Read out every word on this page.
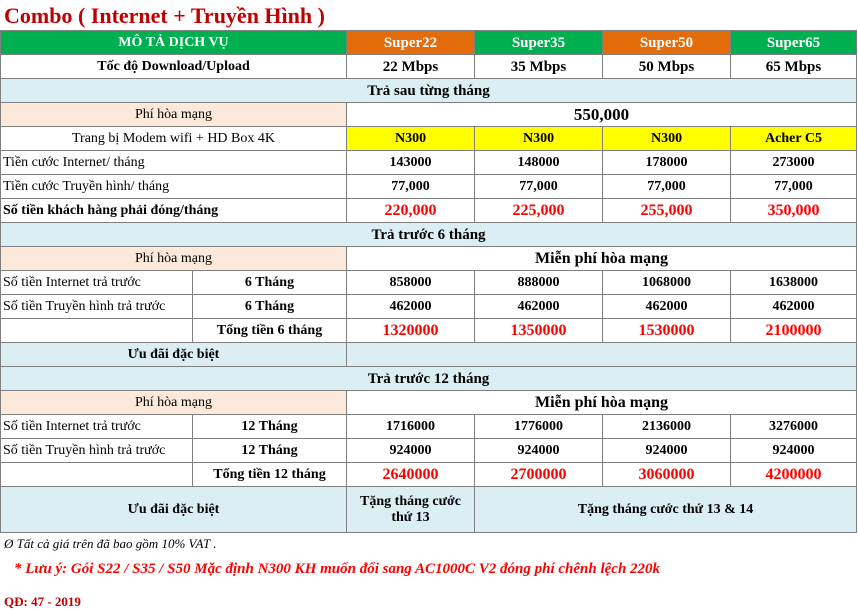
Combo ( Internet + Truyền Hình )
MÔ TẢ DỊCH VỤ		Super22	Super35	Super50	Super65
Tốc độ Download/Upload		22 Mbps	35 Mbps	50 Mbps	65 Mbps
Trả sau từng tháng					
Phí hòa mạng		550,000			
Trang bị Modem wifi + HD Box 4K		N300	N300	N300	Acher C5
Tiền cước Internet/ tháng		143000	148000	178000	273000
Tiền cước Truyền hình/ tháng		77,000	77,000	77,000	77,000
Số tiền khách hàng phải đóng/tháng		220,000	225,000	255,000	350,000
Trả trước 6 tháng					
Phí hòa mạng		Miễn phí hòa mạng			
Số tiền Internet trả trước	6 Tháng	858000	888000	1068000	1638000
Số tiền Truyền hình trả trước	6 Tháng	462000	462000	462000	462000
	Tổng tiền 6 tháng	1320000	1350000	1530000	2100000
Ưu đãi đặc biệt					
Trả trước 12 tháng					
Phí hòa mạng		Miễn phí hòa mạng			
Số tiền Internet trả trước	12 Tháng	1716000	1776000	2136000	3276000
Số tiền Truyền hình trả trước	12 Tháng	924000	924000	924000	924000
	Tổng tiền 12 tháng	2640000	2700000	3060000	4200000
Ưu đãi đặc biệt		Tặng tháng cước thứ 13	Tặng tháng cước thứ 13 & 14		
Ø Tất cả giá trên đã bao gồm 10% VAT .
* Lưu ý: Gói S22 / S35 / S50 Mặc định N300 KH muốn đổi sang AC1000C V2 đóng phí chênh lệch 220k
QĐ: 47 - 2019
